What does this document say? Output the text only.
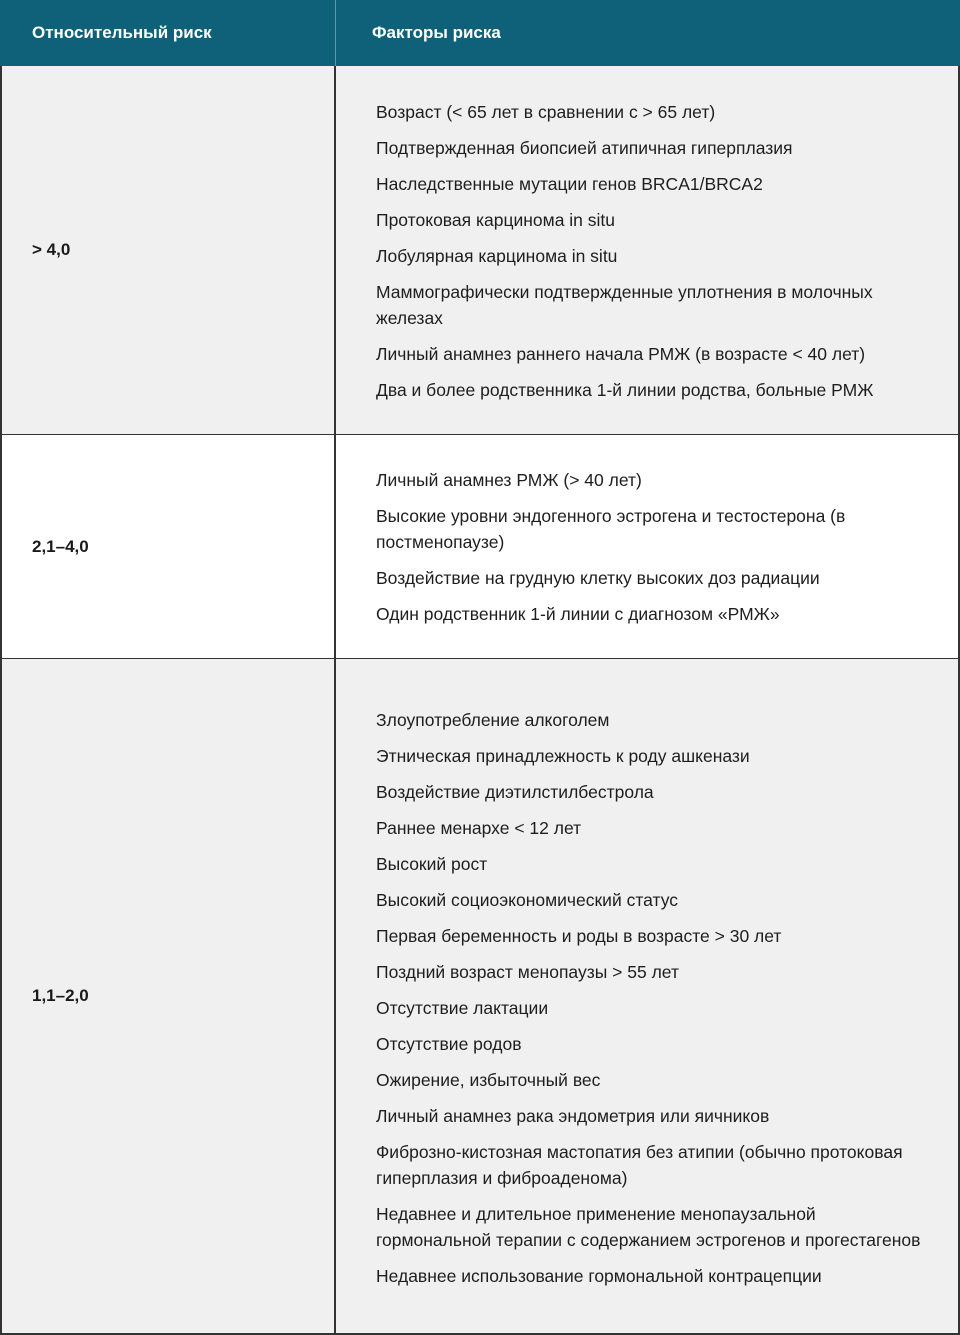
Относительный риск	Факторы риска
> 4,0
Возраст (< 65 лет в сравнении с > 65 лет)
Подтвержденная биопсией атипичная гиперплазия
Наследственные мутации генов BRCA1/BRCA2
Протоковая карцинома in situ
Лобулярная карцинома in situ
Маммографически подтвержденные уплотнения в молочных железах
Личный анамнез раннего начала РМЖ (в возрасте < 40 лет)
Два и более родственника 1-й линии родства, больные РМЖ
2,1–4,0
Личный анамнез РМЖ (> 40 лет)
Высокие уровни эндогенного эстрогена и тестостерона (в постменопаузе)
Воздействие на грудную клетку высоких доз радиации
Один родственник 1-й линии с диагнозом «РМЖ»
1,1–2,0
Злоупотребление алкоголем
Этническая принадлежность к роду ашкенази
Воздействие диэтилстилбестрола
Раннее менархе < 12 лет
Высокий рост
Высокий социоэкономический статус
Первая беременность и роды в возрасте > 30 лет
Поздний возраст менопаузы > 55 лет
Отсутствие лактации
Отсутствие родов
Ожирение, избыточный вес
Личный анамнез рака эндометрия или яичников
Фиброзно-кистозная мастопатия без атипии (обычно протоковая гиперплазия и фиброаденома)
Недавнее и длительное применение менопаузальной гормональной терапии с содержанием эстрогенов и прогестагенов
Недавнее использование гормональной контрацепции
